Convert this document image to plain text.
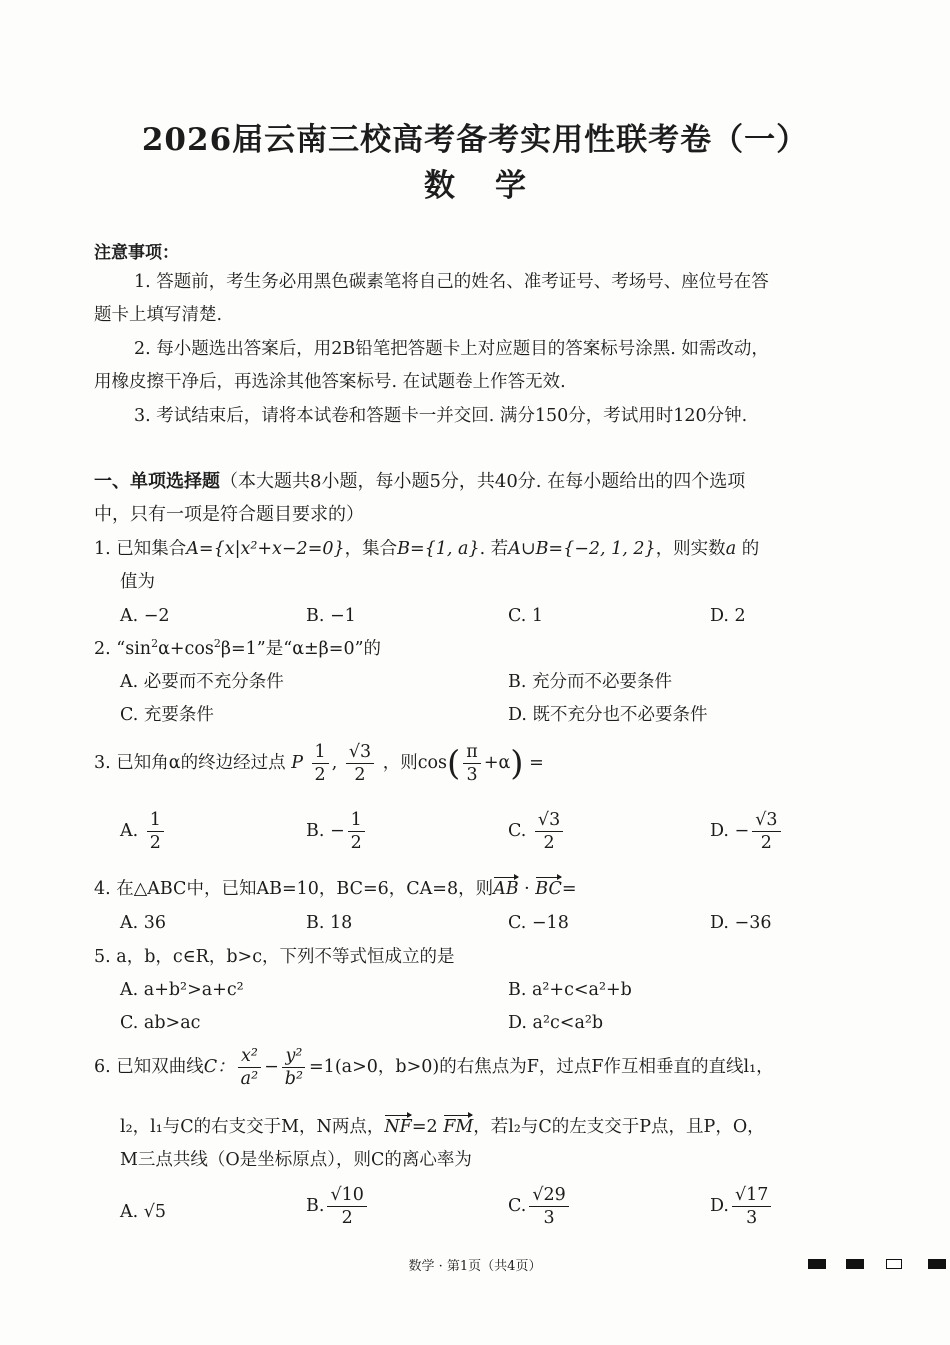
2026届云南三校高考备考实用性联考卷（一）
数学
注意事项：
1. 答题前，考生务必用黑色碳素笔将自己的姓名、准考证号、考场号、座位号在答
题卡上填写清楚.
2. 每小题选出答案后，用2B铅笔把答题卡上对应题目的答案标号涂黑. 如需改动，
用橡皮擦干净后，再选涂其他答案标号. 在试题卷上作答无效.
3. 考试结束后，请将本试卷和答题卡一并交回. 满分150分，考试用时120分钟.
一、单项选择题（本大题共8小题，每小题5分，共40分. 在每小题给出的四个选项
中，只有一项是符合题目要求的）
1. 已知集合A={x|x²+x−2=0}，集合B={1, a}. 若A∪B={−2, 1, 2}，则实数a 的
值为
A. −2	B. −1	C. 1	D. 2
2. “$\sin^2\alpha+\cos^2\beta=1$”是“α±β=0”的
A. 必要而不充分条件	B. 充分而不必要条件
C. 充要条件	D. 既不充分也不必要条件
3. 已知角α的终边经过点 P $\frac{1}{2}$ , $\frac{√3}{2}$ ，则$\cos( \frac{\pi}{3} +\alpha)$ =
A. $\frac{1}{2}$	B. − $\frac{1}{2}$	C. $\frac{√3}{2}$	D. − $\frac{√3}{2}$
4. 在△ABC中，已知AB=10，BC=6，CA=8，则AB · BC=
A. 36	B. 18	C. −18	D. −36
5. a，b，c∈R，b>c，下列不等式恒成立的是
A. a+b²>a+c²	B. a²+c<a²+b
C. ab>ac	D. a²c<a²b
6. 已知双曲线C： $\frac{\text{x²}}{\text{a²}} - \frac{\text{y²}}{\text{b²}} =1(a>0$，b>0)的右焦点为F，过点F作互相垂直的直线l₁，
l₂，l₁与C的右支交于M，N两点，NF=2 FM，若l₂与C的左支交于P点，且P，O，
M三点共线（O是坐标原点），则C的离心率为
A. √5	B. $\frac{√10}{2}$	C. $\frac{√29}{3}$	D. $\frac{√17}{3}$
数学 · 第1页（共4页）
